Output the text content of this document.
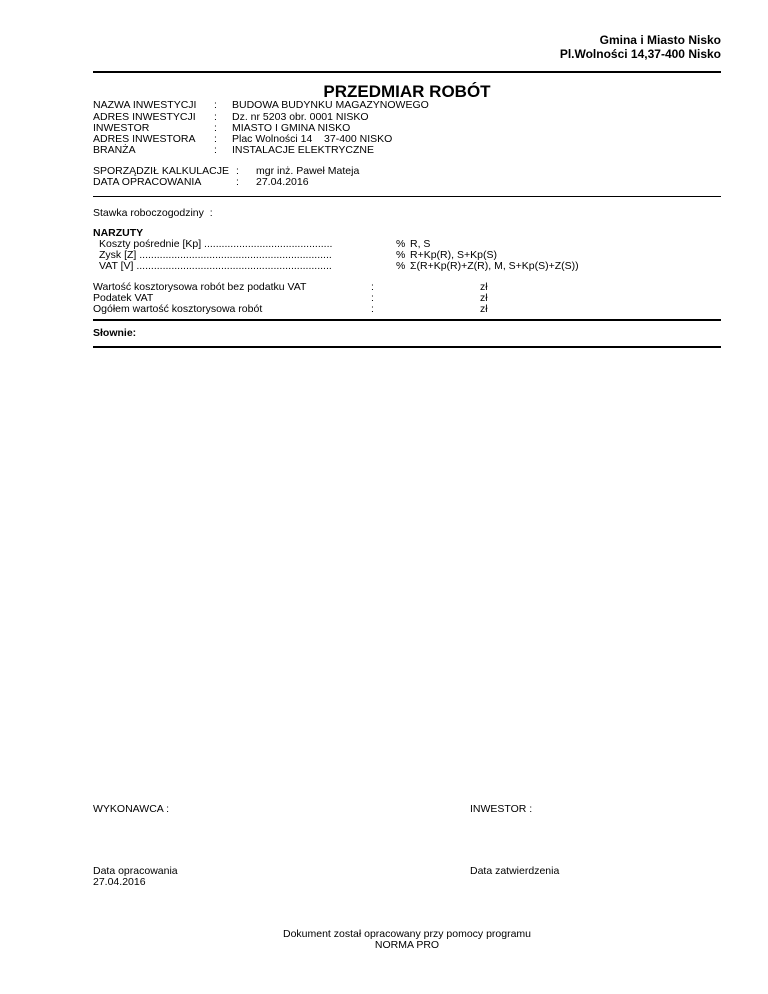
Gmina i Miasto Nisko
Pl.Wolności 14,37-400 Nisko
PRZEDMIAR ROBÓT
NAZWA INWESTYCJI : BUDOWA BUDYNKU MAGAZYNOWEGO
ADRES INWESTYCJI : Dz. nr 5203 obr. 0001 NISKO
INWESTOR	: MIASTO I GMINA NISKO
ADRES INWESTORA : Plac Wolności 14    37-400 NISKO
BRANŻA	: INSTALACJE ELEKTRYCZNE
SPORZĄDZIŁ KALKULACJE : mgr inż. Paweł Mateja
DATA OPRACOWANIA	: 27.04.2016
Stawka roboczogodziny  :
NARZUTY
Koszty pośrednie [Kp] ............................................	% R, S
Zysk [Z] ..................................................................	% R+Kp(R), S+Kp(S)
VAT [V] ...................................................................	% Σ(R+Kp(R)+Z(R), M, S+Kp(S)+Z(S))
Wartość kosztorysowa robót bez podatku VAT	:	zł
Podatek VAT	:	zł
Ogółem wartość kosztorysowa robót	:	zł
Słownie:
WYKONAWCA :	INWESTOR :
Data opracowania
27.04.2016
Data zatwierdzenia
Dokument został opracowany przy pomocy programu
NORMA PRO
